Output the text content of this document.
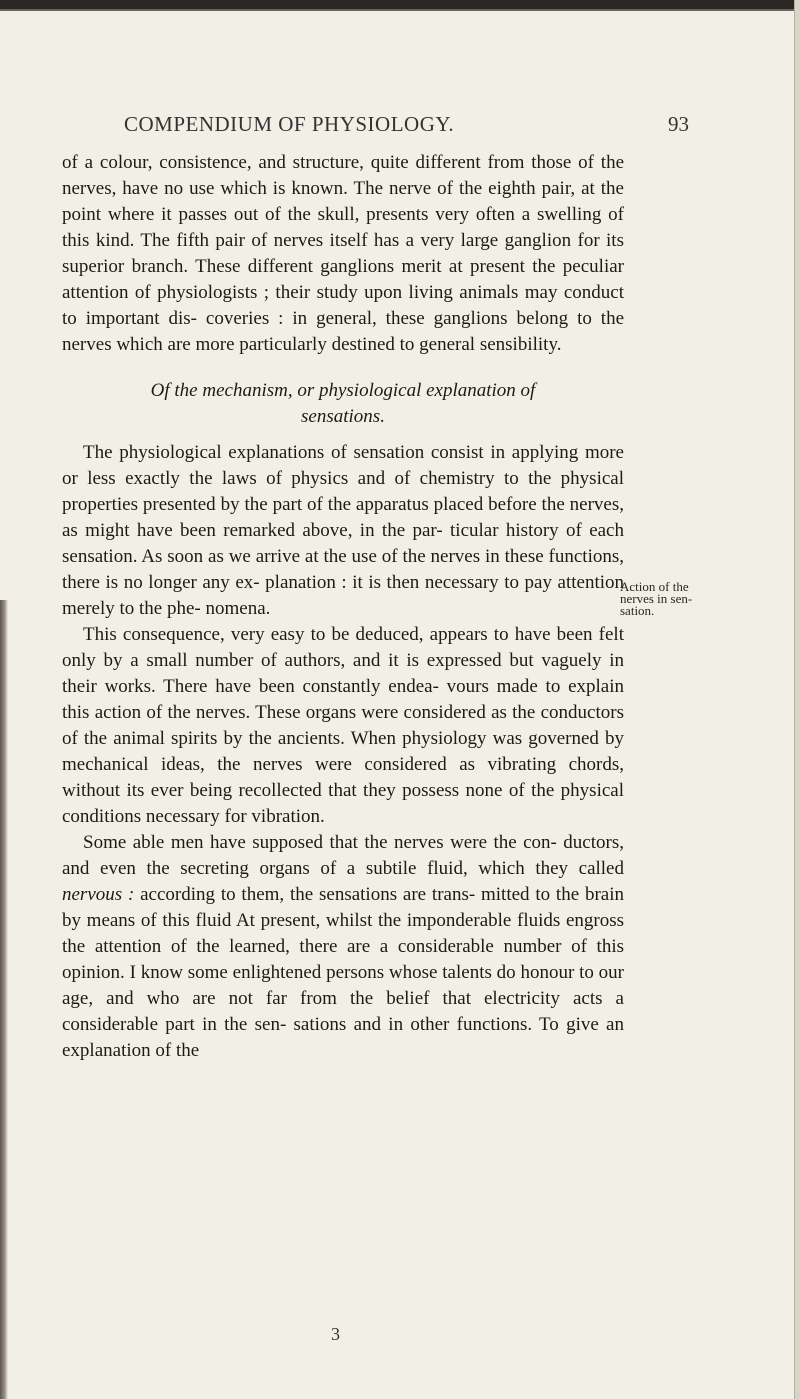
COMPENDIUM OF PHYSIOLOGY.	93

of a colour, consistence, and structure, quite different from those of the nerves, have no use which is known. The nerve of the eighth pair, at the point where it passes out of the skull, presents very often a swelling of this kind. The fifth pair of nerves itself has a very large ganglion for its superior branch. These different ganglions merit at present the peculiar attention of physiologists ; their study upon living animals may conduct to important dis- coveries : in general, these ganglions belong to the nerves which are more particularly destined to general sensibility.

Of the mechanism, or physiological explanation of
sensations.

The physiological explanations of sensation consist in applying more or less exactly the laws of physics and of chemistry to the physical properties presented by the part of the apparatus placed before the nerves, as might have been remarked above, in the par- ticular history of each sensation. As soon as we arrive at the use of the nerves in these functions, there is no longer any ex- planation : it is then necessary to pay attention merely to the phe- nomena.

This consequence, very easy to be deduced, appears to have been felt only by a small number of authors, and it is expressed but vaguely in their works. There have been constantly endea- vours made to explain this action of the nerves. These organs were considered as the conductors of the animal spirits by the ancients. When physiology was governed by mechanical ideas, the nerves were considered as vibrating chords, without its ever being recollected that they possess none of the physical conditions necessary for vibration.

Some able men have supposed that the nerves were the con- ductors, and even the secreting organs of a subtile fluid, which they called nervous : according to them, the sensations are trans- mitted to the brain by means of this fluid At present, whilst the imponderable fluids engross the attention of the learned, there are a considerable number of this opinion. I know some enlightened persons whose talents do honour to our age, and who are not far from the belief that electricity acts a considerable part in the sen- sations and in other functions. To give an explanation of the

Action of the nerves in sen- sation.
3
